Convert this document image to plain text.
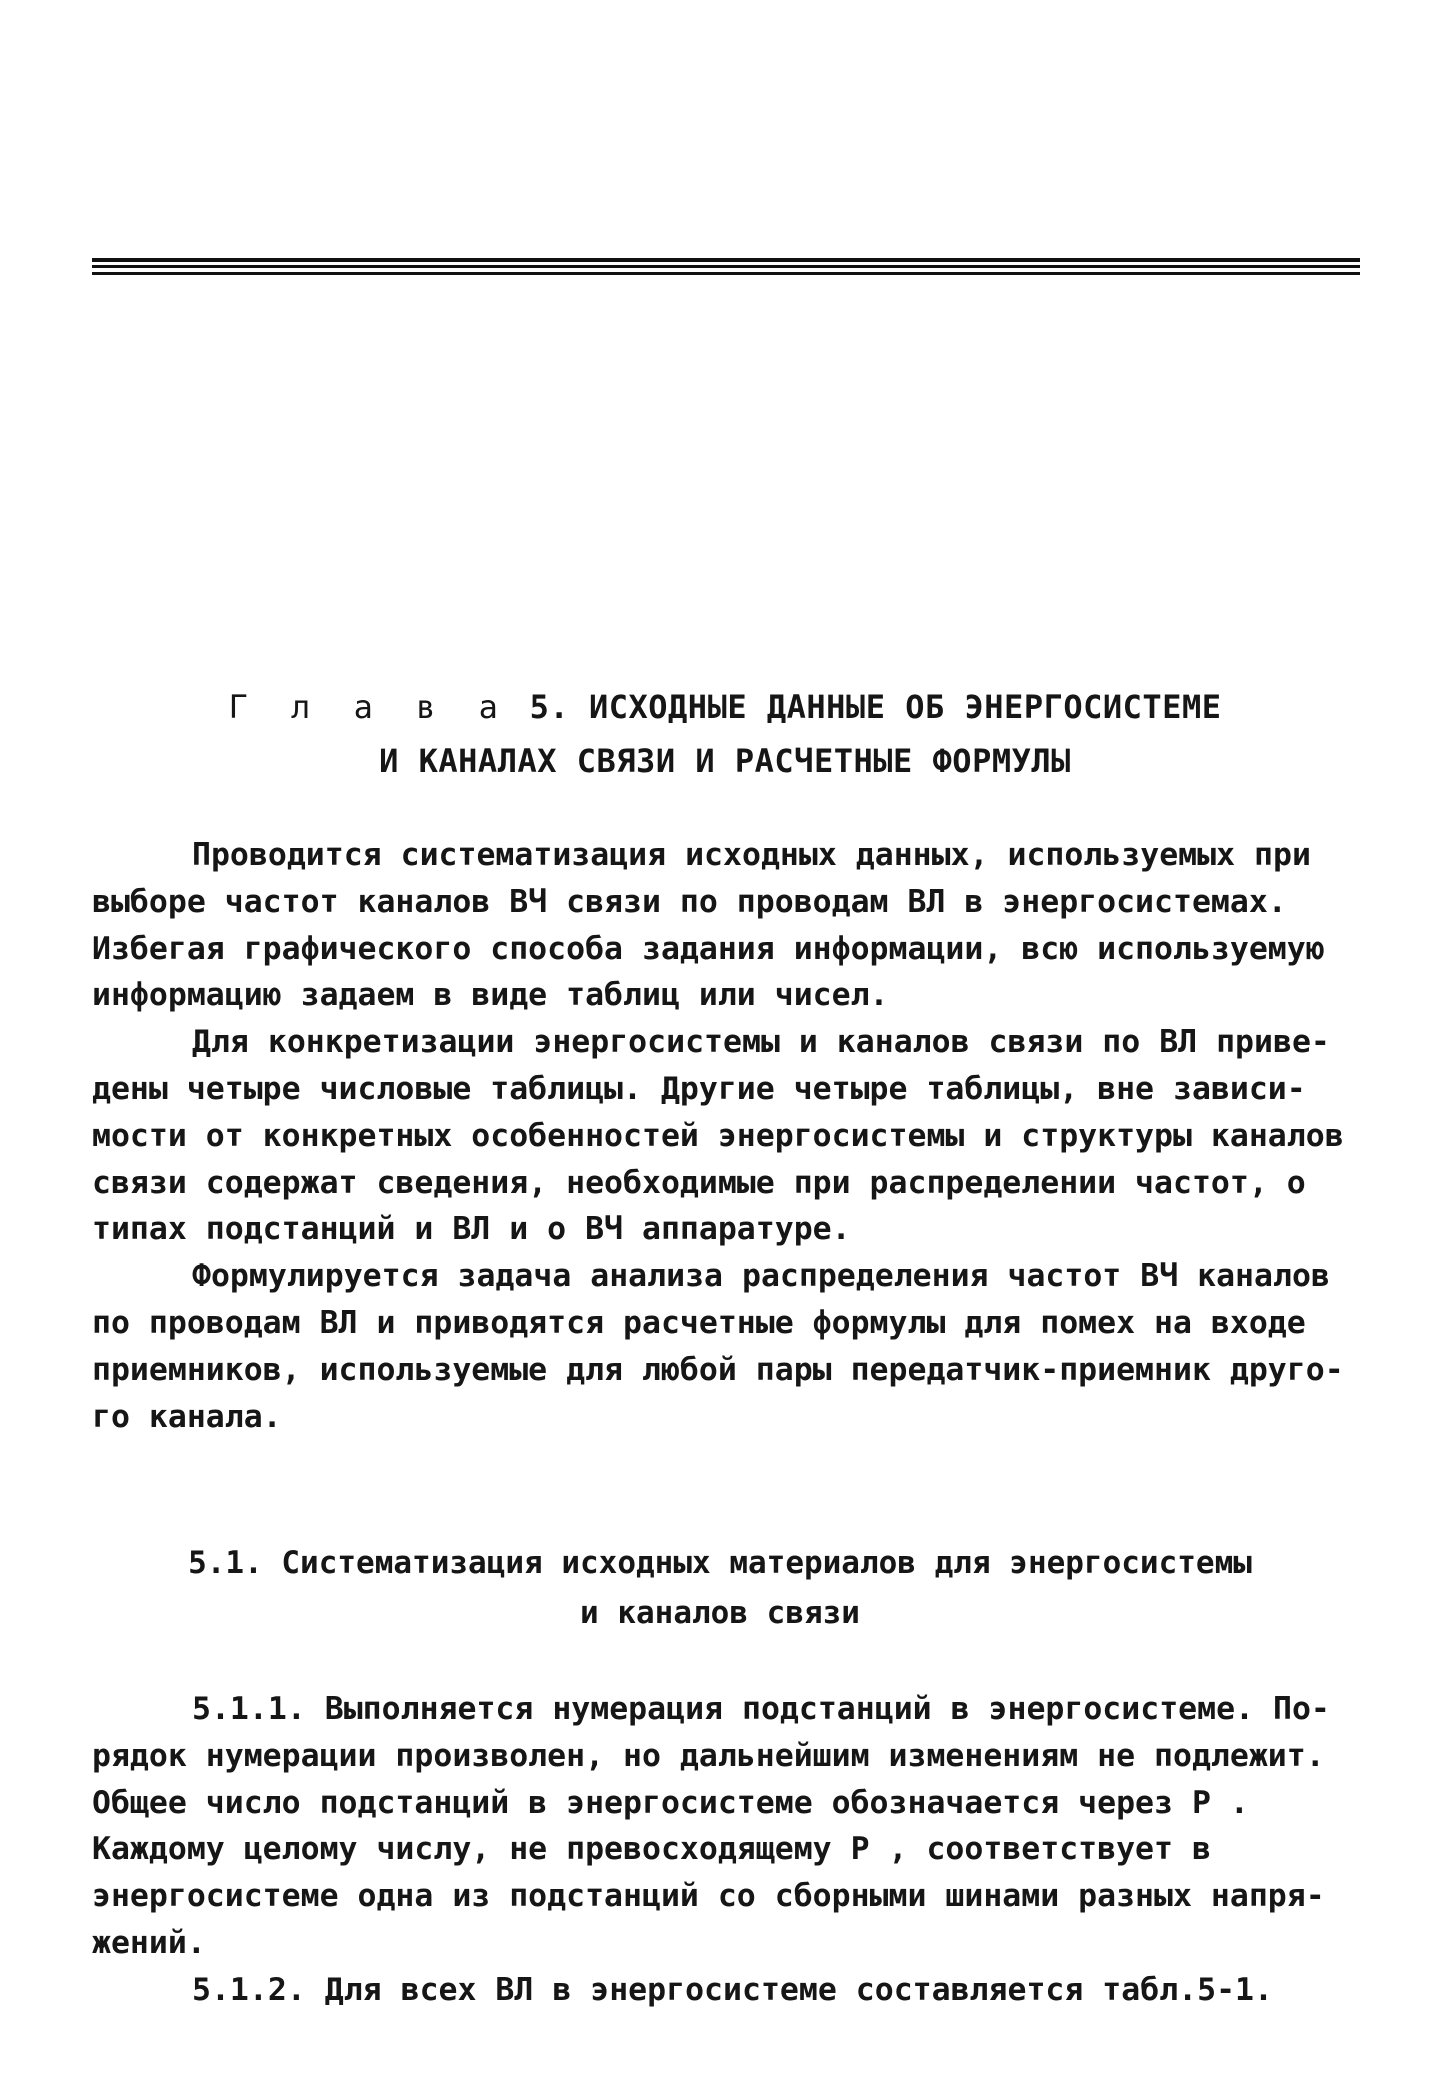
Г л а в а 5. ИСХОДНЫЕ ДАННЫЕ ОБ ЭНЕРГОСИСТЕМЕ
И КАНАЛАХ СВЯЗИ И РАСЧЕТНЫЕ ФОРМУЛЫ
Проводится систематизация исходных данных, используемых при
выборе частот каналов ВЧ связи по проводам ВЛ в энергосистемах.
Избегая графического способа задания информации, всю используемую
информацию задаем в виде таблиц или чисел.
Для конкретизации энергосистемы и каналов связи по ВЛ приве-
дены четыре числовые таблицы. Другие четыре таблицы, вне зависи-
мости от конкретных особенностей энергосистемы и структуры каналов
связи содержат сведения, необходимые при распределении частот, о
типах подстанций и ВЛ и о ВЧ аппаратуре.
Формулируется задача анализа распределения частот ВЧ каналов
по проводам ВЛ и приводятся расчетные формулы для помех на входе
приемников, используемые для любой пары передатчик-приемник друго-
го канала.
5.1. Систематизация исходных материалов для энергосистемы
и каналов связи
5.1.1. Выполняется нумерация подстанций в энергосистеме. По-
рядок нумерации произволен, но дальнейшим изменениям не подлежит.
Общее число подстанций в энергосистеме обозначается через P .
Каждому целому числу, не превосходящему P , соответствует в
энергосистеме одна из подстанций со сборными шинами разных напря-
жений.
5.1.2. Для всех ВЛ в энергосистеме составляется табл.5-1.
